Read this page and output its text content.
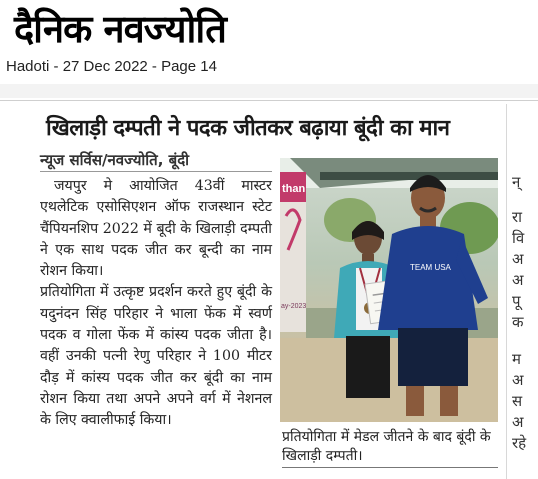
दैनिक नवज्योति
Hadoti - 27 Dec 2022 - Page 14
खिलाड़ी दम्पती ने पदक जीतकर बढ़ाया बूंदी का मान
न्
रा
वि
अ
अ
पू
क
म
अ
स
अ
रहे
न्यूज सर्विस/नवज्योति, बूंदी
जयपुर मे आयोजित 43वीं मास्टर एथलेटिक एसोसिएशन ऑफ राजस्थान स्टेट चैंपियनशिप 2022 में बूदी के खिलाड़ी दम्पती ने एक साथ पदक जीत कर बून्दी का नाम रोशन किया।
प्रतियोगिता में उत्कृष्ट प्रदर्शन करते हुए बूंदी के यदुनंदन सिंह परिहार ने भाला फेंक में स्वर्ण पदक व गोला फेंक में कांस्य पदक जीता है। वहीं उनकी पत्नी रेणु परिहार ने 100 मीटर दौड़ में कांस्य पदक जीत कर बूंदी का नाम रोशन किया तथा अपने अपने वर्ग में नेशनल के लिए क्वालीफाई किया।
than
ay-2023
TEAM USA
प्रतियोगिता में मेडल जीतने के बाद बूंदी के खिलाड़ी दम्पती।
